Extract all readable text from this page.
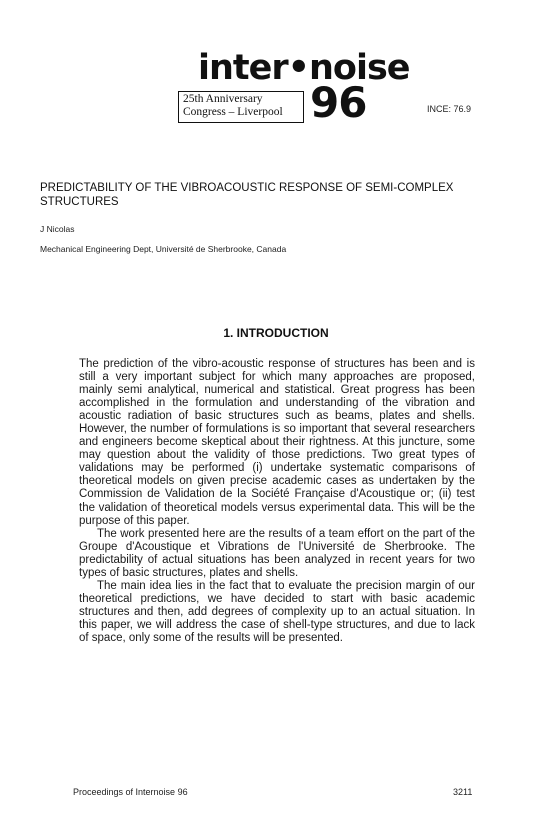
inter•noise
25th Anniversary
Congress – Liverpool 96	INCE: 76.9
PREDICTABILITY OF THE VIBROACOUSTIC RESPONSE OF SEMI-COMPLEX STRUCTURES
J Nicolas
Mechanical Engineering Dept, Université de Sherbrooke, Canada
1. INTRODUCTION

The prediction of the vibro-acoustic response of structures has been and is still a very important subject for which many approaches are proposed, mainly semi analytical, numerical and statistical. Great progress has been accomplished in the formulation and understanding of the vibration and acoustic radiation of basic structures such as beams, plates and shells. However, the number of formulations is so important that several researchers and engineers become skeptical about their rightness. At this juncture, some may question about the validity of those predictions. Two great types of validations may be performed (i) undertake systematic comparisons of theoretical models on given precise academic cases as undertaken by the Commission de Validation de la Société Française d'Acoustique or; (ii) test the validation of theoretical models versus experimental data. This will be the purpose of this paper.

The work presented here are the results of a team effort on the part of the Groupe d'Acoustique et Vibrations de l'Université de Sherbrooke. The predictability of actual situations has been analyzed in recent years for two types of basic structures, plates and shells.

The main idea lies in the fact that to evaluate the precision margin of our theoretical predictions, we have decided to start with basic academic structures and then, add degrees of complexity up to an actual situation. In this paper, we will address the case of shell-type structures, and due to lack of space, only some of the results will be presented.

Proceedings of Internoise 96	3211
